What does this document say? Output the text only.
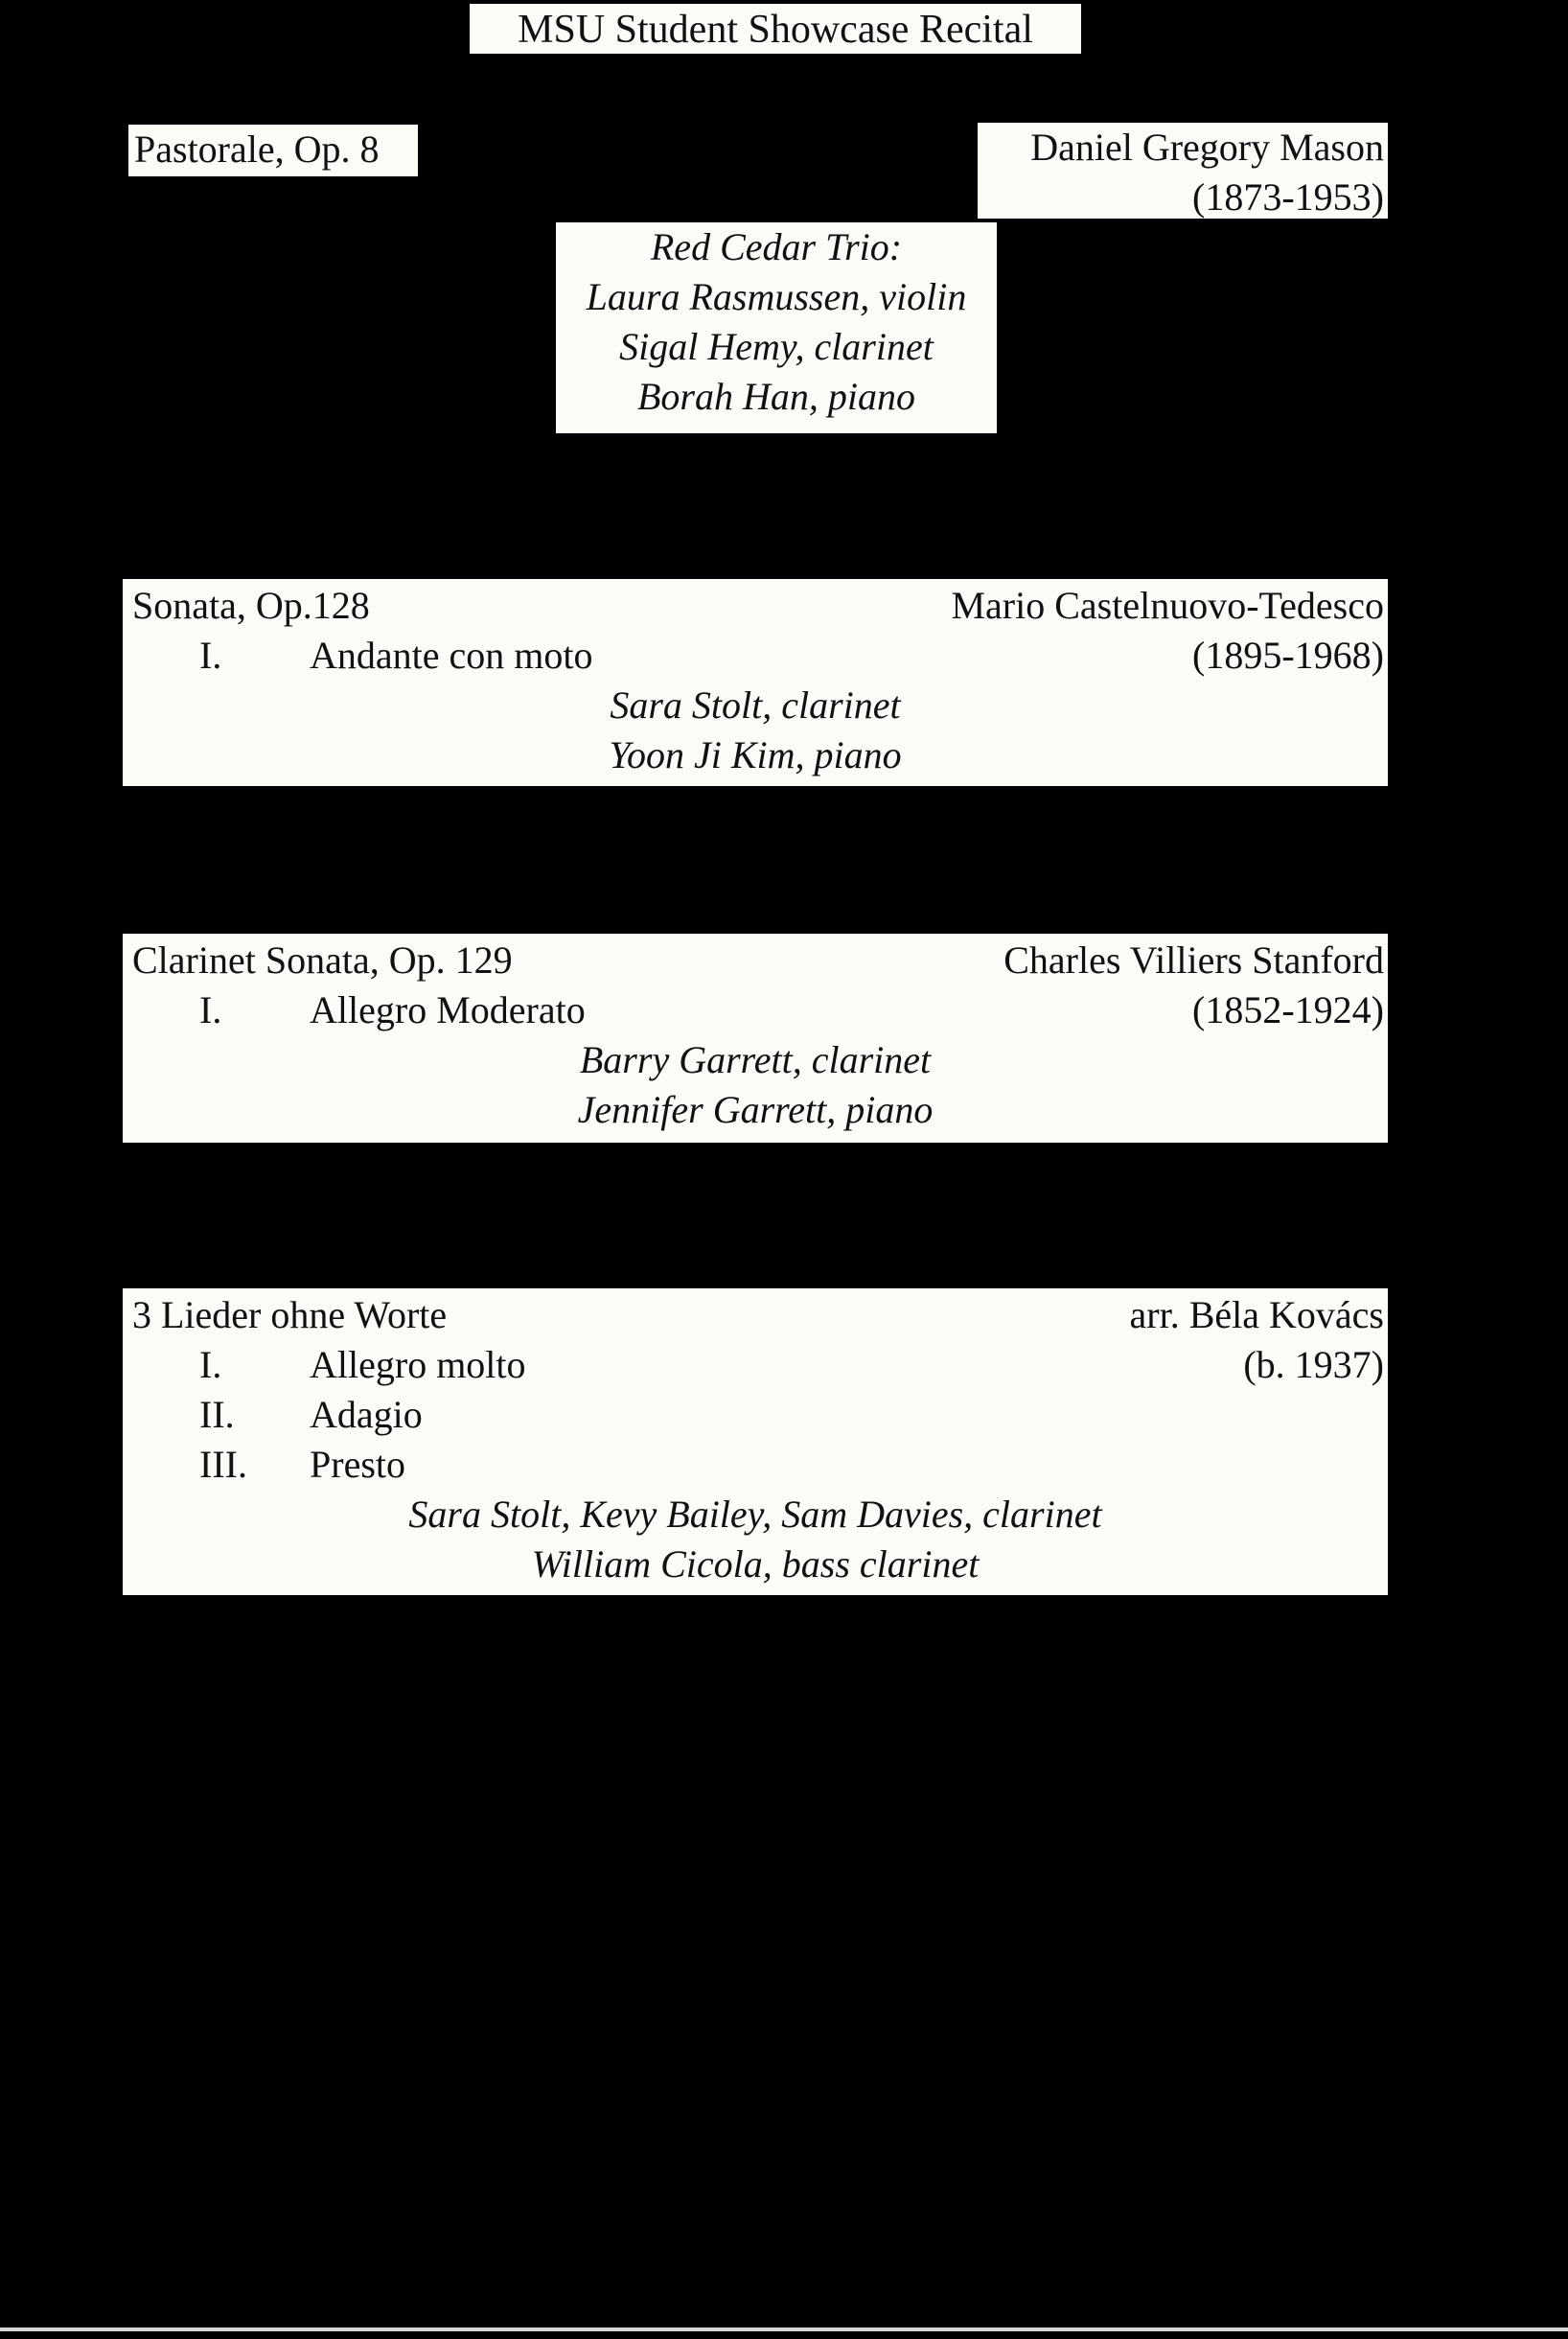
MSU Student Showcase Recital
Pastorale, Op. 8	Daniel Gregory Mason
(1873-1953)
Red Cedar Trio:
Laura Rasmussen, violin
Sigal Hemy, clarinet
Borah Han, piano
Sonata, Op.128	Mario Castelnuovo-Tedesco
I. Andante con moto	(1895-1968)
Sara Stolt, clarinet
Yoon Ji Kim, piano
Clarinet Sonata, Op. 129	Charles Villiers Stanford
I. Allegro Moderato	(1852-1924)
Barry Garrett, clarinet
Jennifer Garrett, piano
3 Lieder ohne Worte	arr. Béla Kovács
I. Allegro molto	(b. 1937)
II. Adagio
III. Presto
Sara Stolt, Kevy Bailey, Sam Davies, clarinet
William Cicola, bass clarinet
